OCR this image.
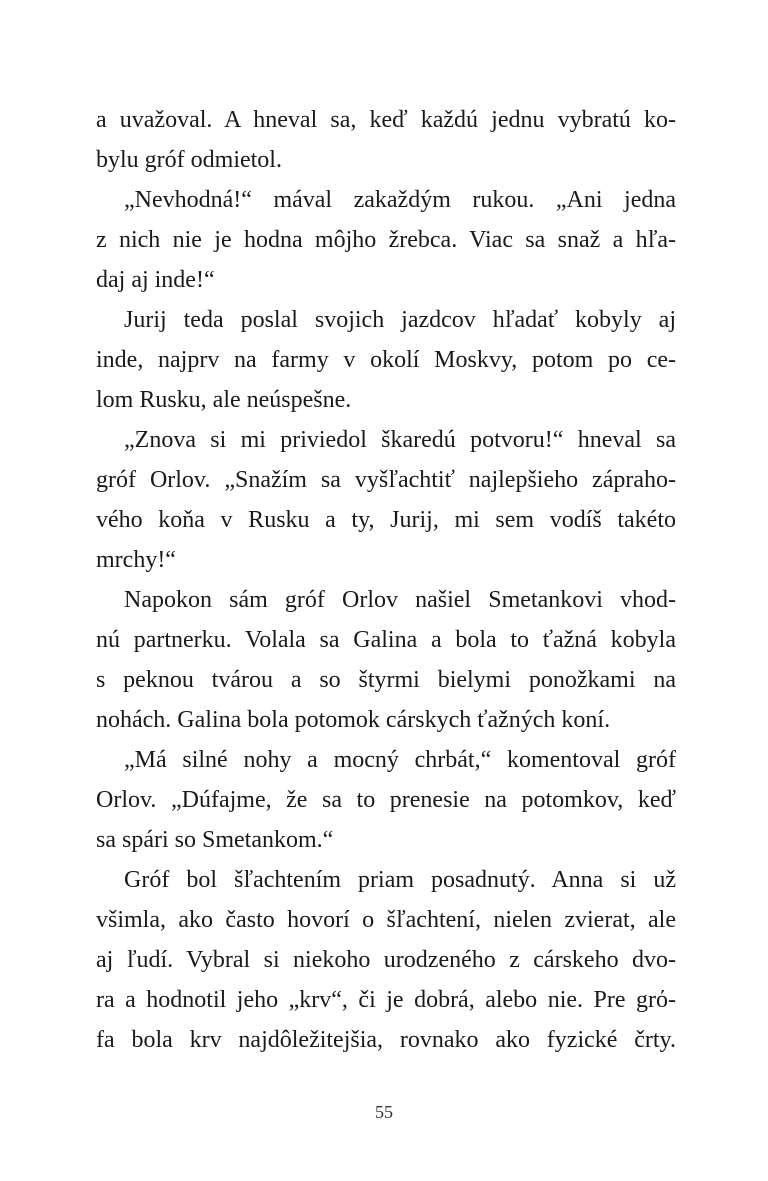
a uvažoval. A hneval sa, keď každú jednu vybratú ko-
bylu gróf odmietol.
„Nevhodná!“ mával zakaždým rukou. „Ani jedna
z nich nie je hodna môjho žrebca. Viac sa snaž a hľa-
daj aj inde!“
Jurij teda poslal svojich jazdcov hľadať kobyly aj
inde, najprv na farmy v okolí Moskvy, potom po ce-
lom Rusku, ale neúspešne.
„Znova si mi priviedol škaredú potvoru!“ hneval sa
gróf Orlov. „Snažím sa vyšľachtiť najlepšieho záprahо-
vého koňa v Rusku a ty, Jurij, mi sem vodíš takéto
mrchy!“
Napokon sám gróf Orlov našiel Smetankovi vhod-
nú partnerku. Volala sa Galina a bola to ťažná kobyla
s peknou tvárou a so štyrmi bielymi ponožkami na
nohách. Galina bola potomok cárskych ťažných koní.
„Má silné nohy a mocný chrbát,“ komentoval gróf
Orlov. „Dúfajme, že sa to prenesie na potomkov, keď
sa spári so Smetankom.“
Gróf bol šľachtením priam posadnutý. Anna si už
všimla, ako často hovorí o šľachtení, nielen zvierat, ale
aj ľudí. Vybral si niekoho urodzeného z cárskeho dvo-
ra a hodnotil jeho „krv“, či je dobrá, alebo nie. Pre grό-
fa bola krv najdôležitejšia, rovnako ako fyzické črty.
55
